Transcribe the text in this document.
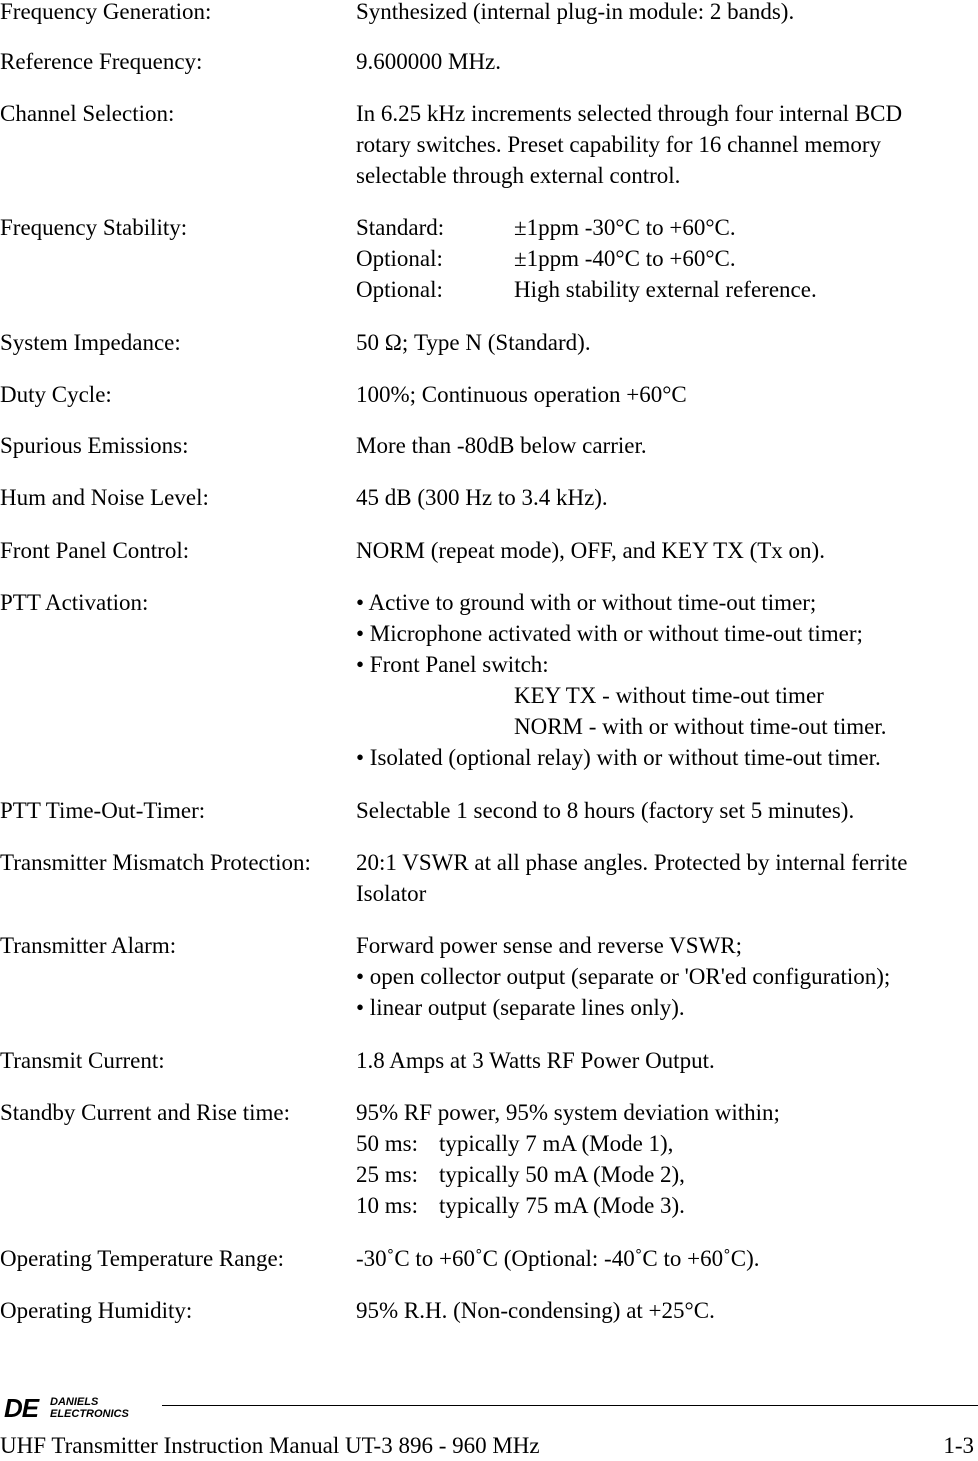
Frequency Generation:	Synthesized (internal plug-in module: 2 bands).
Reference Frequency:	9.600000 MHz.
Channel Selection:	In 6.25 kHz increments selected through four internal BCD
rotary switches. Preset capability for 16 channel memory
selectable through external control.
Frequency Stability:	Standard:	±1ppm -30°C to +60°C.
Optional:	±1ppm -40°C to +60°C.
Optional:	High stability external reference.
System Impedance:	50 Ω; Type N (Standard).
Duty Cycle:	100%; Continuous operation +60°C
Spurious Emissions:	More than -80dB below carrier.
Hum and Noise Level:	45 dB (300 Hz to 3.4 kHz).
Front Panel Control:	NORM (repeat mode), OFF, and KEY TX (Tx on).
PTT Activation:	• Active to ground with or without time-out timer;
• Microphone activated with or without time-out timer;
• Front Panel switch:
KEY TX - without time-out timer
NORM - with or without time-out timer.
• Isolated (optional relay) with or without time-out timer.
PTT Time-Out-Timer:	Selectable 1 second to 8 hours (factory set 5 minutes).
Transmitter Mismatch Protection: 20:1 VSWR at all phase angles. Protected by internal ferrite
Isolator
Transmitter Alarm:	Forward power sense and reverse VSWR;
• open collector output (separate or 'OR'ed configuration);
• linear output (separate lines only).
Transmit Current:	1.8 Amps at 3 Watts RF Power Output.
Standby Current and Rise time:	95% RF power, 95% system deviation within;
50 ms: typically 7 mA (Mode 1),
25 ms: typically 50 mA (Mode 2),
10 ms: typically 75 mA (Mode 3).
Operating Temperature Range:	-30˚C to +60˚C (Optional: -40˚C to +60˚C).
Operating Humidity:	95% R.H. (Non-condensing) at +25°C.
DE DANIELS
ELECTRONICS
UHF Transmitter Instruction Manual UT-3 896 - 960 MHz	1-3
